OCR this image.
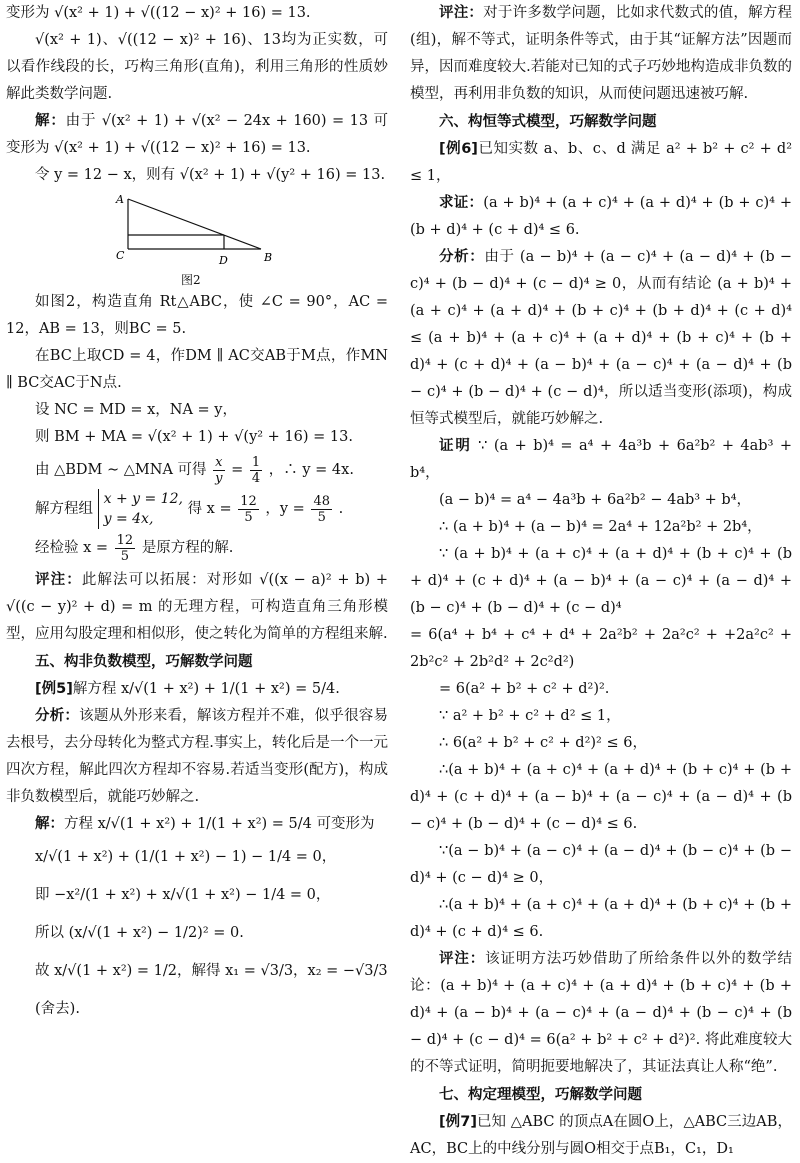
变形为 √(x² + 1) + √((12 − x)² + 16) = 13.

√(x² + 1)、√((12 − x)² + 16)、13均为正实数，可以看作线段的长，巧构三角形(直角)，利用三角形的性质妙解此类数学问题.

解：由于 √(x² + 1) + √(x² − 24x + 160) = 13 可变形为 √(x² + 1) + √((12 − x)² + 16) = 13.

令 y = 12 − x，则有 √(x² + 1) + √(y² + 16) = 13.

A
C	D	B
图2

如图2，构造直角 Rt△ABC，使 ∠C = 90°，AC = 12，AB = 13，则BC = 5.

在BC上取CD = 4，作DM ∥ AC交AB于M点，作MN ∥ BC交AC于N点.

设 NC = MD = x，NA = y，

则 BM + MA = √(x² + 1) + √(y² + 16) = 13.

由 △BDM ∼ △MNA 可得 $\frac{x}{y} = \frac{1}{4}$ ，∴ y = 4x.

解方程组 x + y = 12,
y = 4x, 得 $x = \frac{12}{5}$ ，$y = \frac{48}{5}$ .

经检验 $x = \frac{12}{5}$ 是原方程的解.

评注：此解法可以拓展：对形如 √((x − a)² + b) + √((c − y)² + d) = m 的无理方程，可构造直角三角形模型，应用勾股定理和相似形，使之转化为简单的方程组来解.

五、构非负数模型，巧解数学问题

[例5]解方程 x/√(1 + x²) + 1/(1 + x²) = 5/4.

分析：该题从外形来看，解该方程并不难，似乎很容易去根号，去分母转化为整式方程.事实上，转化后是一个一元四次方程，解此四次方程却不容易.若适当变形(配方)，构成非负数模型后，就能巧妙解之.

解：方程 x/√(1 + x²) + 1/(1 + x²) = 5/4 可变形为

x/√(1 + x²) + (1/(1 + x²) − 1) − 1/4 = 0，

即 −x²/(1 + x²) + x/√(1 + x²) − 1/4 = 0，

所以 (x/√(1 + x²) − 1/2)² = 0.

故 x/√(1 + x²) = 1/2，解得 x₁ = √3/3，x₂ = −√3/3 (舍去).

评注：对于许多数学问题，比如求代数式的值，解方程(组)，解不等式，证明条件等式，由于其“证解方法”因题而异，因而难度较大.若能对已知的式子巧妙地构造成非负数的模型，再利用非负数的知识，从而使问题迅速被巧解.

六、构恒等式模型，巧解数学问题

[例6]已知实数 a、b、c、d 满足 a² + b² + c² + d² ≤ 1，

求证：(a + b)⁴ + (a + c)⁴ + (a + d)⁴ + (b + c)⁴ + (b + d)⁴ + (c + d)⁴ ≤ 6.

分析：由于 (a − b)⁴ + (a − c)⁴ + (a − d)⁴ + (b − c)⁴ + (b − d)⁴ + (c − d)⁴ ≥ 0，从而有结论 (a + b)⁴ + (a + c)⁴ + (a + d)⁴ + (b + c)⁴ + (b + d)⁴ + (c + d)⁴ ≤ (a + b)⁴ + (a + c)⁴ + (a + d)⁴ + (b + c)⁴ + (b + d)⁴ + (c + d)⁴ + (a − b)⁴ + (a − c)⁴ + (a − d)⁴ + (b − c)⁴ + (b − d)⁴ + (c − d)⁴，所以适当变形(添项)，构成恒等式模型后，就能巧妙解之.

证明 ∵ (a + b)⁴ = a⁴ + 4a³b + 6a²b² + 4ab³ + b⁴，

(a − b)⁴ = a⁴ − 4a³b + 6a²b² − 4ab³ + b⁴，

∴ (a + b)⁴ + (a − b)⁴ = 2a⁴ + 12a²b² + 2b⁴，

∵ (a + b)⁴ + (a + c)⁴ + (a + d)⁴ + (b + c)⁴ + (b + d)⁴ + (c + d)⁴ + (a − b)⁴ + (a − c)⁴ + (a − d)⁴ + (b − c)⁴ + (b − d)⁴ + (c − d)⁴

= 6(a⁴ + b⁴ + c⁴ + d⁴ + 2a²b² + 2a²c² + +2a²c² + 2b²c² + 2b²d² + 2c²d²)

= 6(a² + b² + c² + d²)².

∵ a² + b² + c² + d² ≤ 1，

∴ 6(a² + b² + c² + d²)² ≤ 6，

∴(a + b)⁴ + (a + c)⁴ + (a + d)⁴ + (b + c)⁴ + (b + d)⁴ + (c + d)⁴ + (a − b)⁴ + (a − c)⁴ + (a − d)⁴ + (b − c)⁴ + (b − d)⁴ + (c − d)⁴ ≤ 6.

∵(a − b)⁴ + (a − c)⁴ + (a − d)⁴ + (b − c)⁴ + (b − d)⁴ + (c − d)⁴ ≥ 0，

∴(a + b)⁴ + (a + c)⁴ + (a + d)⁴ + (b + c)⁴ + (b + d)⁴ + (c + d)⁴ ≤ 6.

评注：该证明方法巧妙借助了所给条件以外的数学结论：(a + b)⁴ + (a + c)⁴ + (a + d)⁴ + (b + c)⁴ + (b + d)⁴ + (a − b)⁴ + (a − c)⁴ + (a − d)⁴ + (b − c)⁴ + (b − d)⁴ + (c − d)⁴ = 6(a² + b² + c² + d²)². 将此难度较大的不等式证明，简明扼要地解决了，其证法真让人称“绝”.

七、构定理模型，巧解数学问题

[例7]已知 △ABC 的顶点A在圆O上，△ABC三边AB，AC，BC上的中线分别与圆O相交于点B₁，C₁，D₁
